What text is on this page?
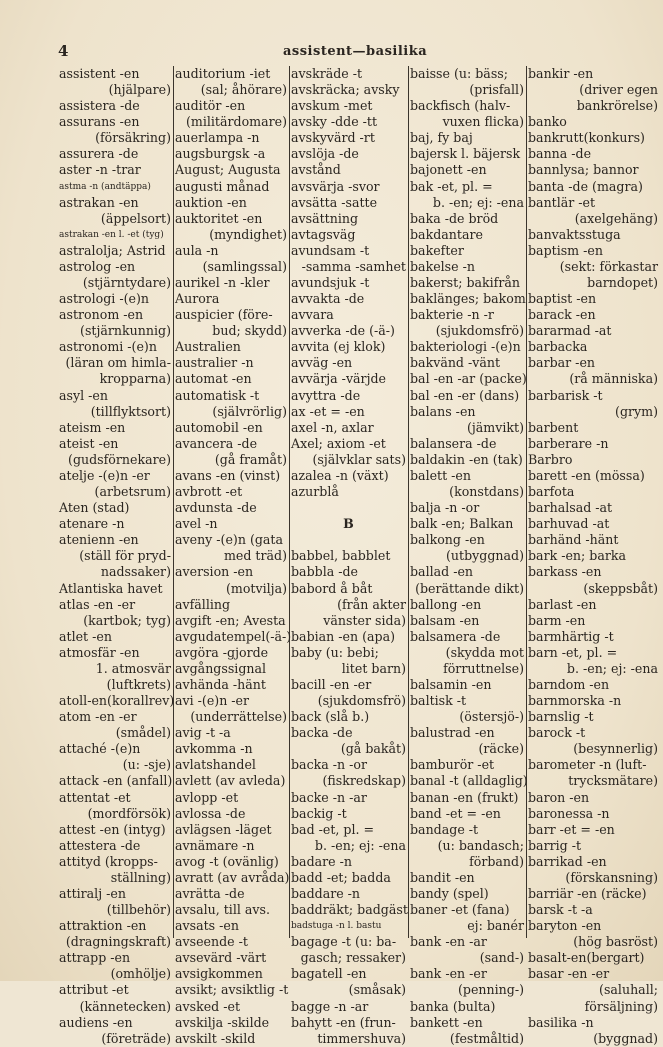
4	assistent—basilika
assistent -en
(hjälpare)
assistera -de
assurans -en
(försäkring)
assurera -de
aster -n -trar
astma -n (andtäppa)
astrakan -en
(äppelsort)
astrakan -en l. -et (tyg)
astralolja; Astrid
astrolog -en
(stjärntydare)
astrologi -(e)n
astronom -en
(stjärnkunnig)
astronomi -(e)n
(läran om himla-
kropparna)
asyl -en
(tillflyktsort)
ateism -en
ateist -en
(gudsförnekare)
atelje -(e)n -er
(arbetsrum)
Aten (stad)
atenare -n
atenienn -en
(ställ för pryd-
nadssaker)
Atlantiska havet
atlas -en -er
(kartbok; tyg)
atlet -en
atmosfär -en
1. atmosvär
(luftkrets)
atoll-en(korallrev)
atom -en -er
(smådel)
attaché -(e)n
(u: -sje)
attack -en (anfall)
attentat -et
(mordförsök)
attest -en (intyg)
attestera -de
attityd (kropps-
ställning)
attiralj -en
(tillbehör)
attraktion -en
(dragningskraft)
attrapp -en
(omhölje)
attribut -et
(kännetecken)
audiens -en
(företräde)
auditorium -iet
(sal; åhörare)
auditör -en
(militärdomare)
auerlampa -n
augsburgsk -a
August; Augusta
augusti månad
auktion -en
auktoritet -en
(myndighet)
aula -n
(samlingssal)
aurikel -n -kler
Aurora
auspicier (före-
bud; skydd)
Australien
australier -n
automat -en
automatisk -t
(självrörlig)
automobil -en
avancera -de
(gå framåt)
avans -en (vinst)
avbrott -et
avdunsta -de
avel -n
aveny -(e)n (gata
med träd)
aversion -en
(motvilja)
avfälling
avgift -en; Avesta
avgudatempel(-ä-)
avgöra -gjorde
avgångssignal
avhända -hänt
avi -(e)n -er
(underrättelse)
avig -t -a
avkomma -n
avlatshandel
avlett (av avleda)
avlopp -et
avlossa -de
avlägsen -läget
avnämare -n
avog -t (ovänlig)
avratt (av avråda)
avrätta -de
avsalu, till avs.
avsats -en
avseende -t
avsevärd -värt
avsigkommen
avsikt; avsiktlig -t
avsked -et
avskilja -skilde
avskilt -skild
avskräde -t
avskräcka; avsky
avskum -met
avsky -dde -tt
avskyvärd -rt
avslöja -de
avstånd
avsvärja -svor
avsätta -satte
avsättning
avtagsväg
avundsam -t
-samma -samhet
avundsjuk -t
avvakta -de
avvara
avverka -de (-ä-)
avvita (ej klok)
avväg -en
avvärja -värjde
avyttra -de
ax -et = -en
axel -n, axlar
Axel; axiom -et
(självklar sats)
azalea -n (växt)
azurblå
B
babbel, babblet
babbla -de
babord å båt
(från akter
vänster sida)
babian -en (apa)
baby (u: bebi;
litet barn)
bacill -en -er
(sjukdomsfrö)
back (slå b.)
backa -de
(gå bakåt)
backa -n -or
(fiskredskap)
backe -n -ar
backig -t
bad -et, pl. =
b. -en; ej: -ena
badare -n
badd -et; badda
baddare -n
baddräkt; badgäst
badstuga -n l. bastu
bagage -t (u: ba-
gasch; ressaker)
bagatell -en
(småsak)
bagge -n -ar
bahytt -en (frun-
timmershuva)
baisse (u: bäss;
(prisfall)
backfisch (halv-
vuxen flicka)
baj, fy baj
bajersk l. bäjersk
bajonett -en
bak -et, pl. =
b. -en; ej: -ena
baka -de bröd
bakdantare
bakefter
bakelse -n
bakerst; bakifrån
baklänges; bakom
bakterie -n -r
(sjukdomsfrö)
bakteriologi -(e)n
bakvänd -vänt
bal -en -ar (packe)
bal -en -er (dans)
balans -en
(jämvikt)
balansera -de
baldakin -en (tak)
balett -en
(konstdans)
balja -n -or
balk -en; Balkan
balkong -en
(utbyggnad)
ballad -en
(berättande dikt)
ballong -en
balsam -en
balsamera -de
(skydda mot
förruttnelse)
balsamin -en
baltisk -t
(östersjö-)
balustrad -en
(räcke)
bamburör -et
banal -t (alldaglig)
banan -en (frukt)
band -et = -en
bandage -t
(u: bandasch;
förband)
bandit -en
bandy (spel)
baner -et (fana)
ej: banér
bank -en -ar
(sand-)
bank -en -er
(penning-)
banka (bulta)
bankett -en
(festmåltid)
bankir -en
(driver egen
bankrörelse)
banko
bankrutt(konkurs)
banna -de
bannlysa; bannor
banta -de (magra)
bantlär -et
(axelgehäng)
banvaktsstuga
baptism -en
(sekt: förkastar
barndopet)
baptist -en
barack -en
bararmad -at
barbacka
barbar -en
(rå människa)
barbarisk -t
(grym)
barbent
barberare -n
Barbro
barett -en (mössa)
barfota
barhalsad -at
barhuvad -at
barhänd -hänt
bark -en; barka
barkass -en
(skeppsbåt)
barlast -en
barm -en
barmhärtig -t
barn -et, pl. =
b. -en; ej: -ena
barndom -en
barnmorska -n
barnslig -t
barock -t
(besynnerlig)
barometer -n (luft-
trycksmätare)
baron -en
baronessa -n
barr -et = -en
barrig -t
barrikad -en
(förskansning)
barriär -en (räcke)
barsk -t -a
baryton -en
(hög basröst)
basalt-en(bergart)
basar -en -er
(saluhall;
försäljning)
basilika -n
(byggnad)
